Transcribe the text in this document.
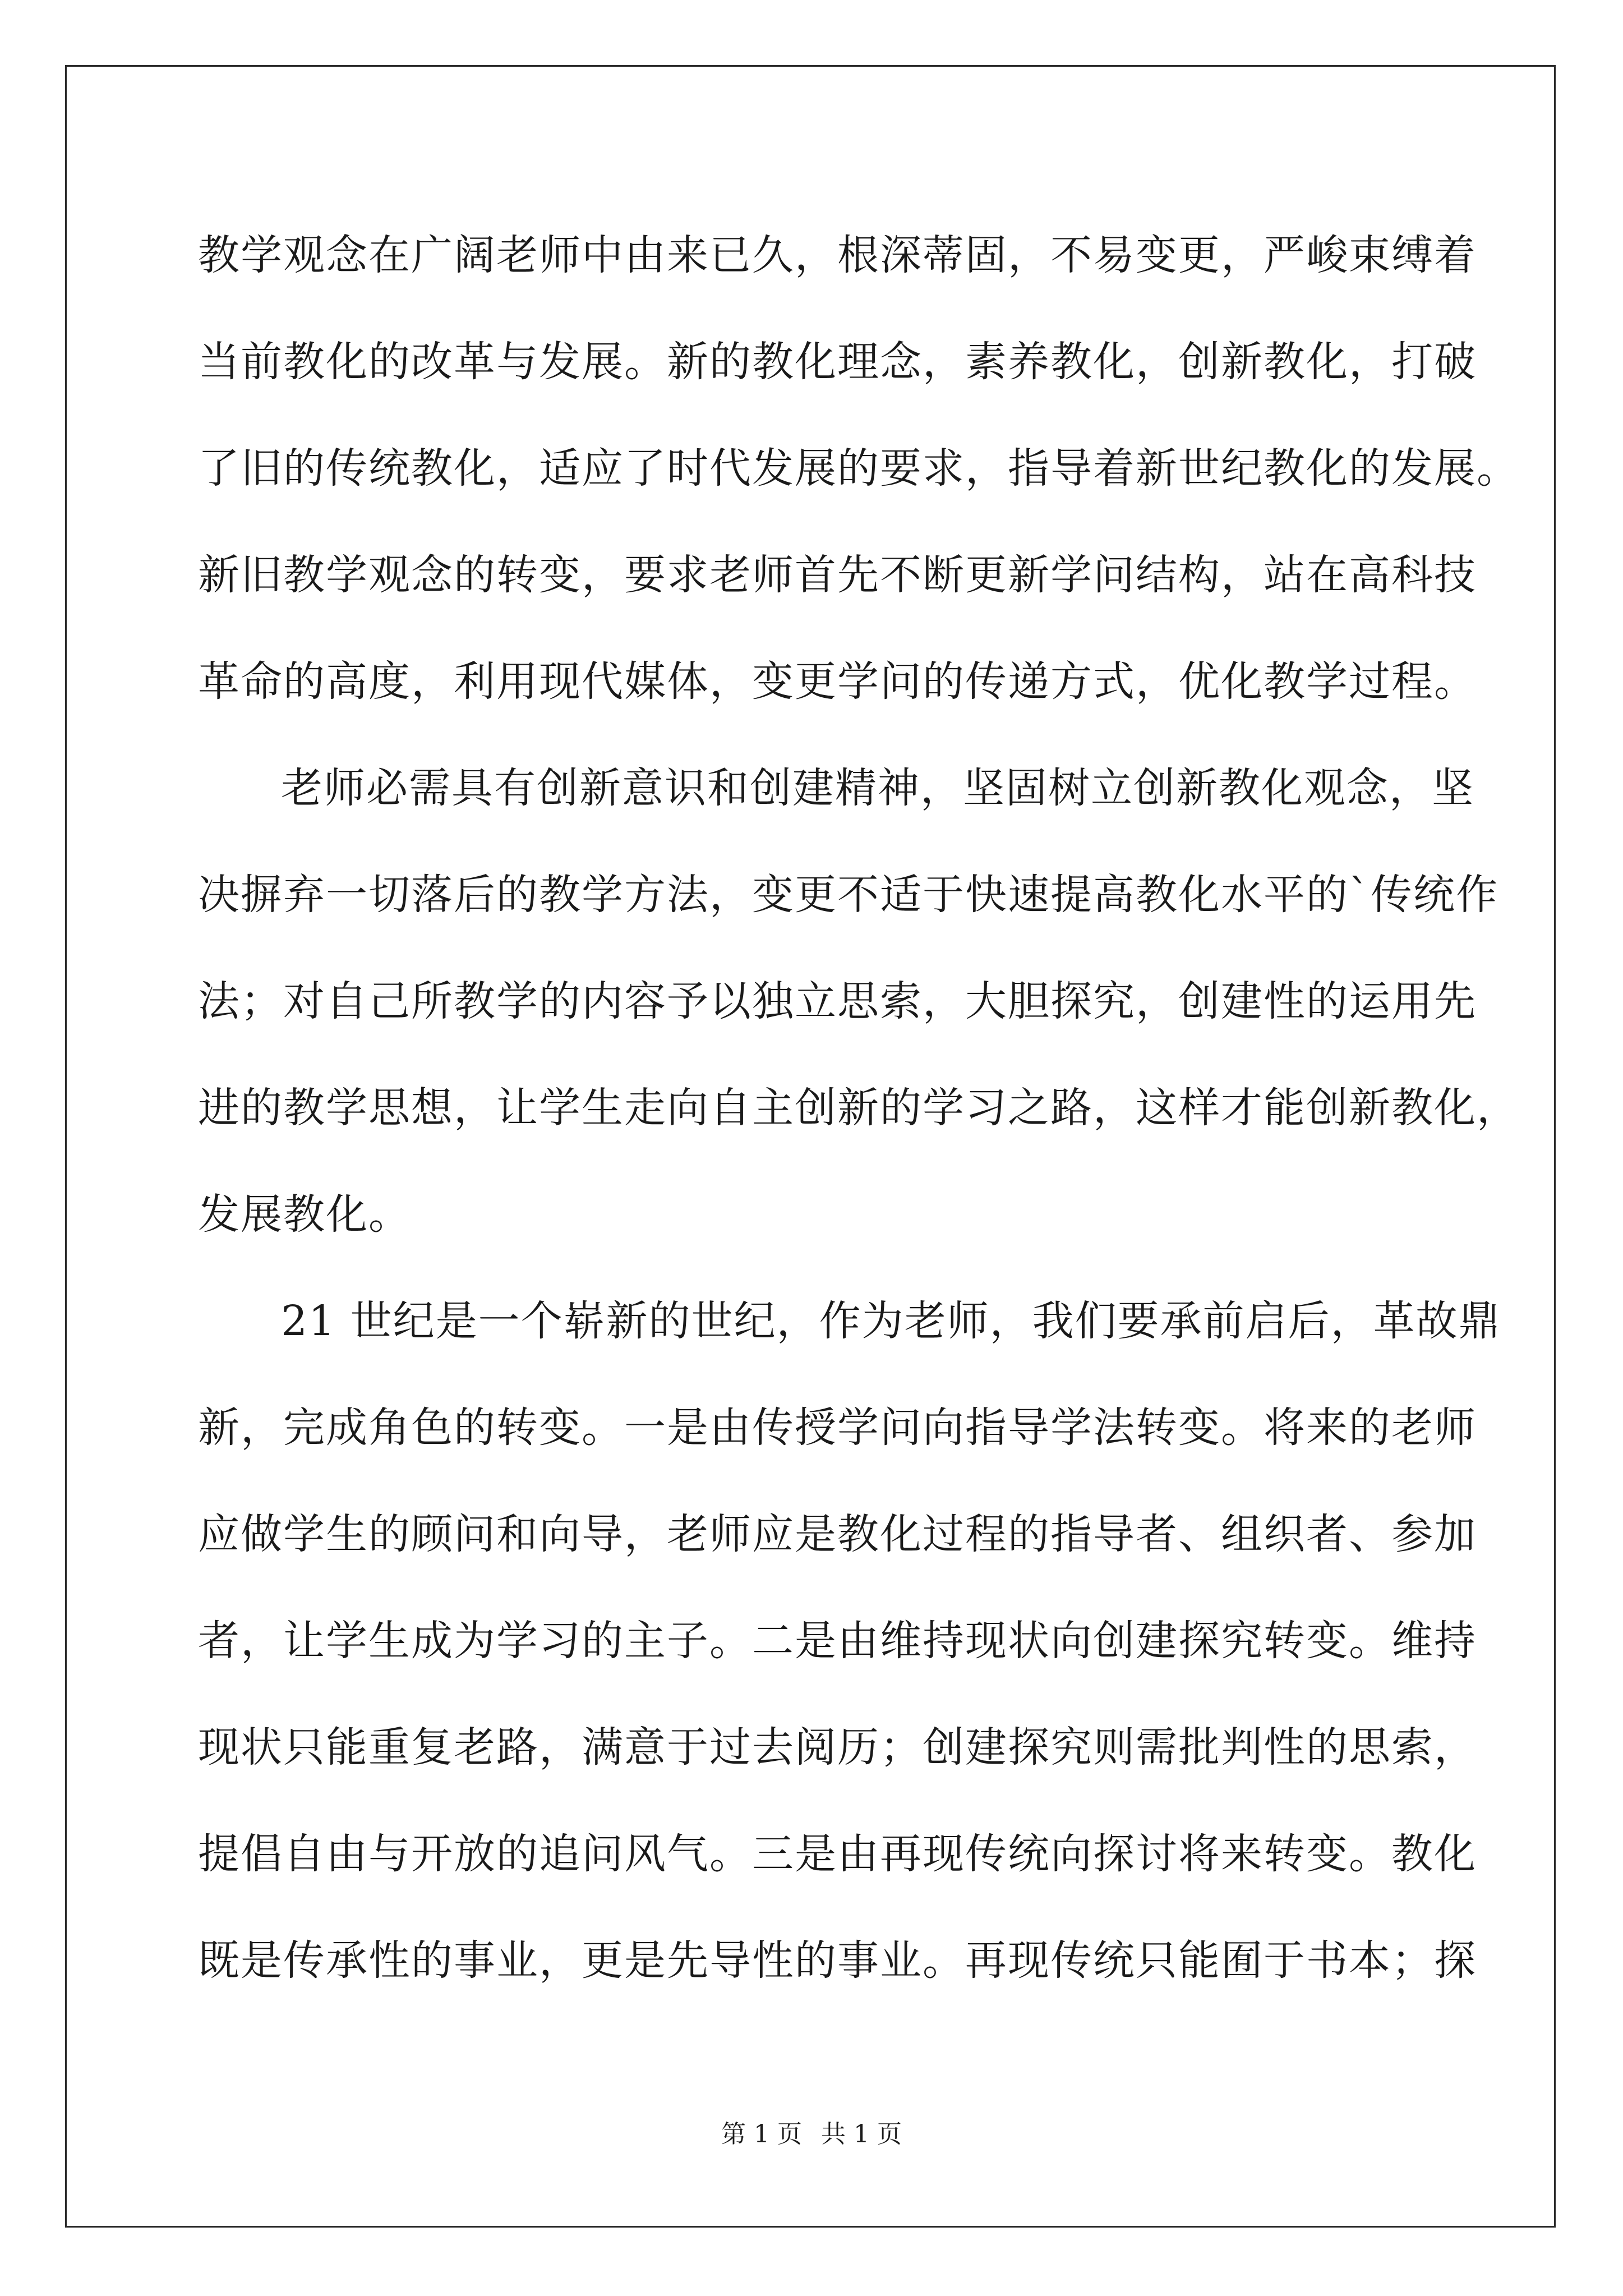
教学观念在广阔老师中由来已久，根深蒂固，不易变更，严峻束缚着
当前教化的改革与发展。新的教化理念，素养教化，创新教化，打破
了旧的传统教化，适应了时代发展的要求，指导着新世纪教化的发展。
新旧教学观念的转变，要求老师首先不断更新学问结构，站在高科技
革命的高度，利用现代媒体，变更学问的传递方式，优化教学过程。
老师必需具有创新意识和创建精神，坚固树立创新教化观念，坚
决摒弃一切落后的教学方法，变更不适于快速提高教化水平的`传统作
法；对自己所教学的内容予以独立思索，大胆探究，创建性的运用先
进的教学思想，让学生走向自主创新的学习之路，这样才能创新教化，
发展教化。
21 世纪是一个崭新的世纪，作为老师，我们要承前启后，革故鼎
新，完成角色的转变。一是由传授学问向指导学法转变。将来的老师
应做学生的顾问和向导，老师应是教化过程的指导者、组织者、参加
者，让学生成为学习的主子。二是由维持现状向创建探究转变。维持
现状只能重复老路，满意于过去阅历；创建探究则需批判性的思索，
提倡自由与开放的追问风气。三是由再现传统向探讨将来转变。教化
既是传承性的事业，更是先导性的事业。再现传统只能囿于书本；探
第 1 页 共 1 页
